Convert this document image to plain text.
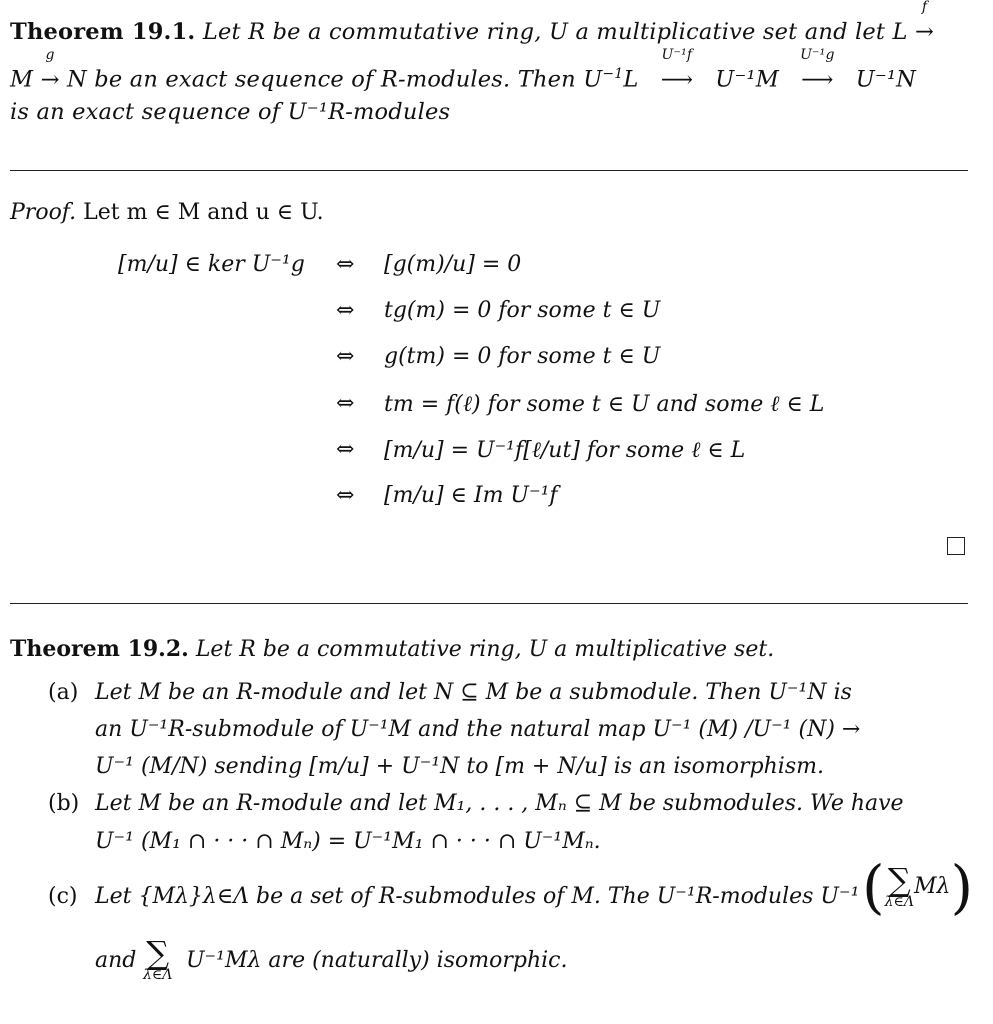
Theorem 19.1. Let R be a commutative ring, U a multiplicative set and let L
f
→
M
g
→ N be an exact sequence of R-modules. Then $U^{-1}L$
U⁻¹f
⟶ U⁻¹M
U⁻¹g
⟶ U⁻¹N
is an exact sequence of U⁻¹R-modules
Proof. Let m ∈ M and u ∈ U.
[m/u] ∈ ker U⁻¹g ⇔ [g(m)/u] = 0
⇔ tg(m) = 0 for some t ∈ U
⇔ g(tm) = 0 for some t ∈ U
⇔ tm = f(ℓ) for some t ∈ U and some ℓ ∈ L
⇔ [m/u] = U⁻¹f[ℓ/ut] for some ℓ ∈ L
⇔ [m/u] ∈ Im U⁻¹f
Theorem 19.2. Let R be a commutative ring, U a multiplicative set.
(a) Let M be an R-module and let N ⊆ M be a submodule. Then U⁻¹N is
an U⁻¹R-submodule of U⁻¹M and the natural map U⁻¹ (M) /U⁻¹ (N) →
U⁻¹ (M/N) sending [m/u] + U⁻¹N to [m + N/u] is an isomorphism.
(b) Let M be an R-module and let M₁, . . . , Mₙ ⊆ M be submodules. We have
U⁻¹ (M₁ ∩ · · · ∩ Mₙ) = U⁻¹M₁ ∩ · · · ∩ U⁻¹Mₙ.
(c) Let {Mλ}λ∈Λ be a set of R-submodules of M. The U⁻¹R-modules U⁻¹ ( ∑
λ∈Λ
Mλ)
and ∑
λ∈Λ
U⁻¹Mλ are (naturally) isomorphic.
